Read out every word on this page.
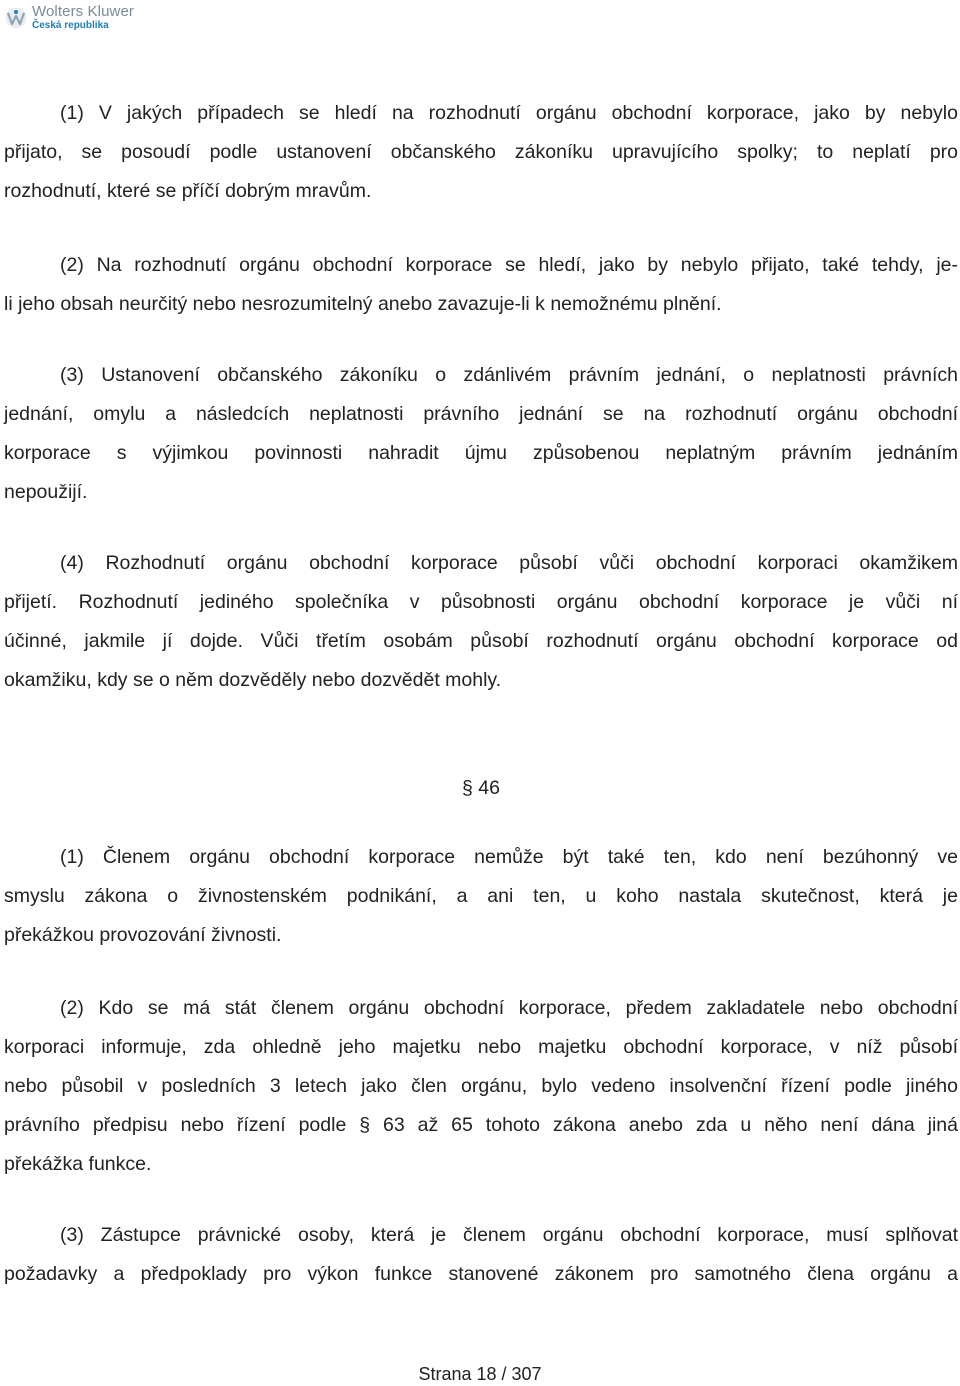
Wolters Kluwer
Česká republika
(1) V jakých případech se hledí na rozhodnutí orgánu obchodní korporace, jako by nebylo
přijato, se posoudí podle ustanovení občanského zákoníku upravujícího spolky; to neplatí pro
rozhodnutí, které se příčí dobrým mravům.
(2) Na rozhodnutí orgánu obchodní korporace se hledí, jako by nebylo přijato, také tehdy, je-
li jeho obsah neurčitý nebo nesrozumitelný anebo zavazuje-li k nemožnému plnění.
(3) Ustanovení občanského zákoníku o zdánlivém právním jednání, o neplatnosti právních
jednání, omylu a následcích neplatnosti právního jednání se na rozhodnutí orgánu obchodní
korporace s výjimkou povinnosti nahradit újmu způsobenou neplatným právním jednáním
nepoužijí.
(4) Rozhodnutí orgánu obchodní korporace působí vůči obchodní korporaci okamžikem
přijetí. Rozhodnutí jediného společníka v působnosti orgánu obchodní korporace je vůči ní
účinné, jakmile jí dojde. Vůči třetím osobám působí rozhodnutí orgánu obchodní korporace od
okamžiku, kdy se o něm dozvěděly nebo dozvědět mohly.
§ 46
(1) Členem orgánu obchodní korporace nemůže být také ten, kdo není bezúhonný ve
smyslu zákona o živnostenském podnikání, a ani ten, u koho nastala skutečnost, která je
překážkou provozování živnosti.
(2) Kdo se má stát členem orgánu obchodní korporace, předem zakladatele nebo obchodní
korporaci informuje, zda ohledně jeho majetku nebo majetku obchodní korporace, v níž působí
nebo působil v posledních 3 letech jako člen orgánu, bylo vedeno insolvenční řízení podle jiného
právního předpisu nebo řízení podle § 63 až 65 tohoto zákona anebo zda u něho není dána jiná
překážka funkce.
(3) Zástupce právnické osoby, která je členem orgánu obchodní korporace, musí splňovat
požadavky a předpoklady pro výkon funkce stanovené zákonem pro samotného člena orgánu a
Strana 18 / 307
